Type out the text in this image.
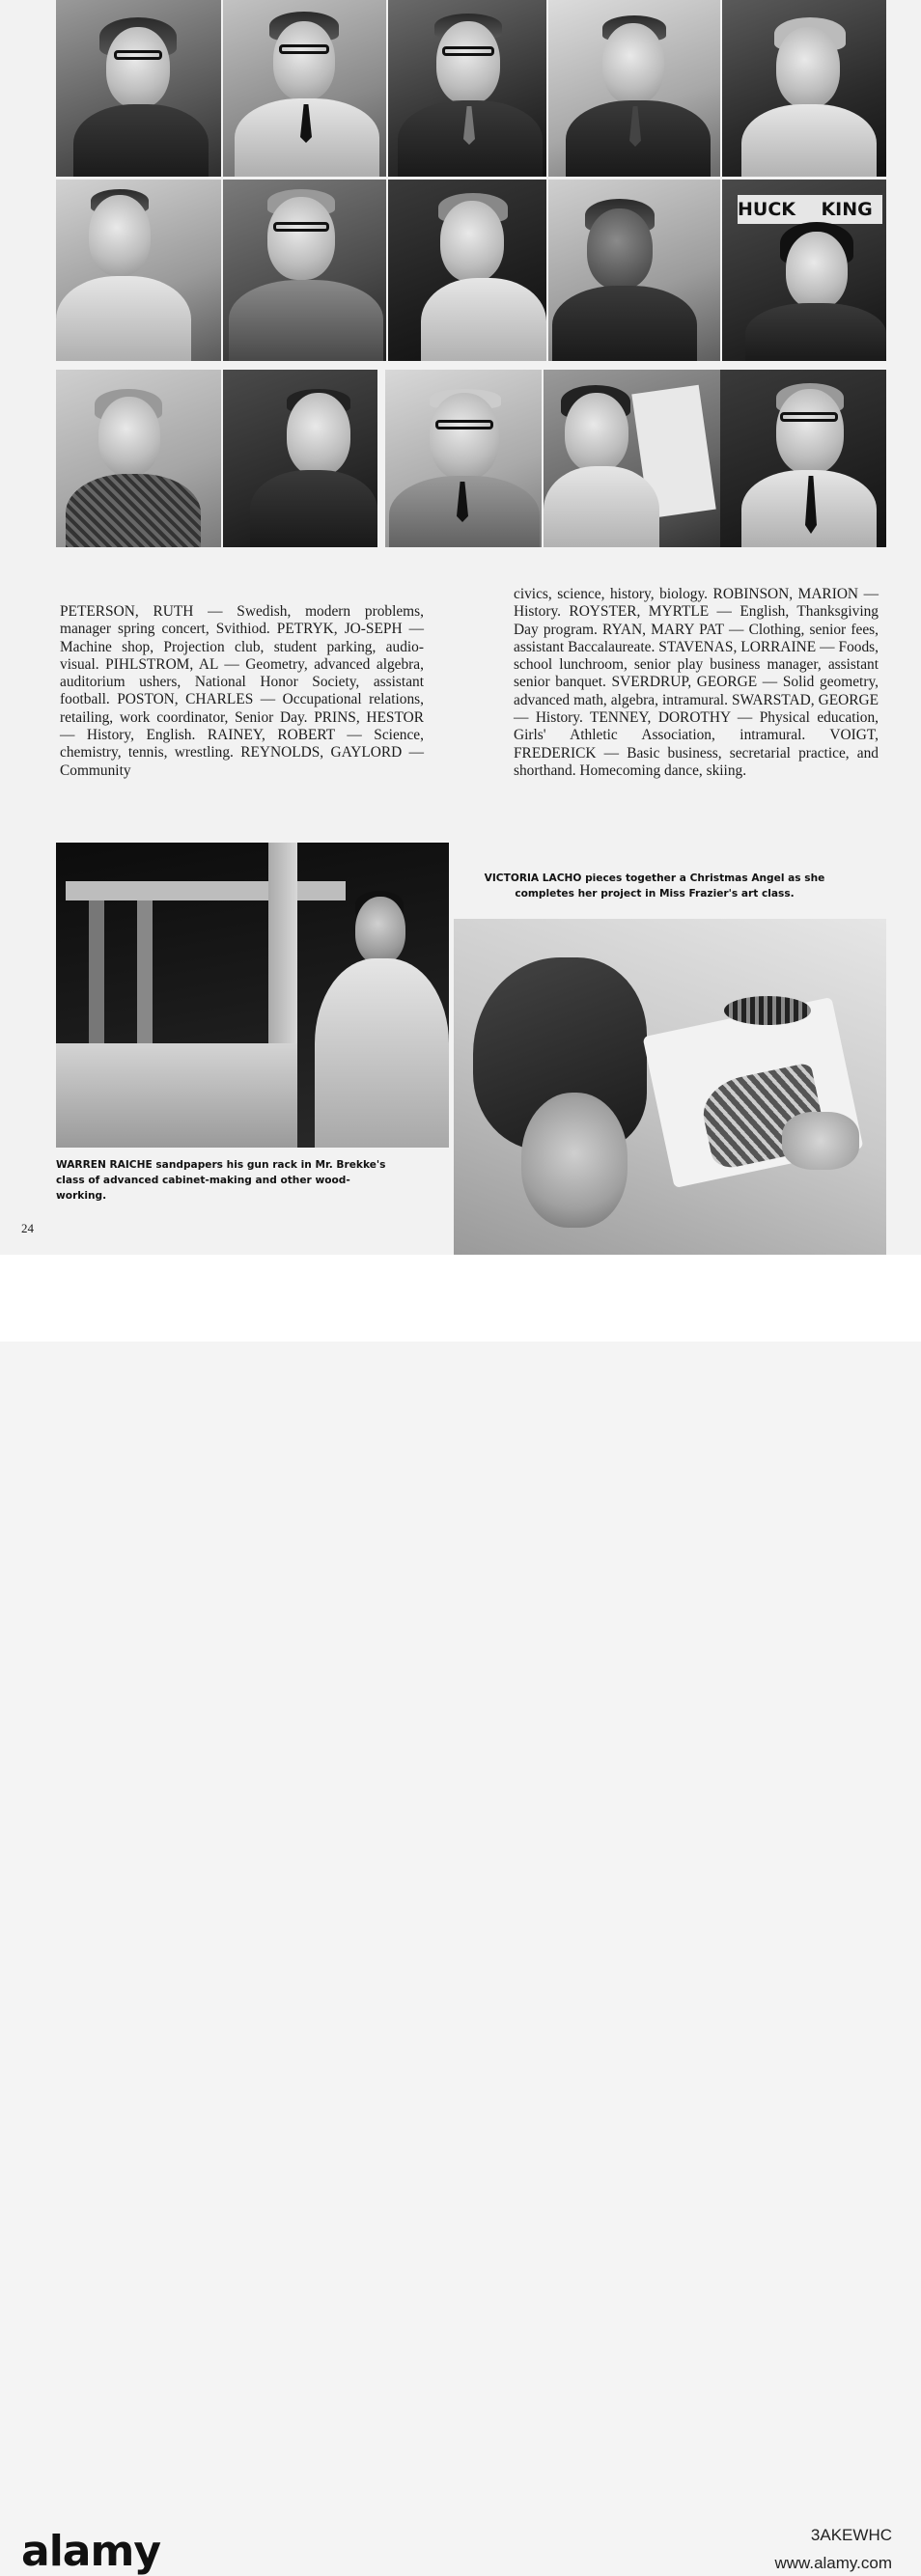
HUCK    KING

PETERSON, RUTH — Swedish, modern problems, manager spring concert, Svithiod. PETRYK, JO-SEPH — Machine shop, Projection club, student parking, audio-visual. PIHLSTROM, AL — Geometry, advanced algebra, auditorium ushers, National Honor Society, assistant football. POSTON, CHARLES — Occupational relations, retailing, work coordinator, Senior Day. PRINS, HESTOR — History, English. RAINEY, ROBERT — Science, chemistry, tennis, wrestling. REYNOLDS, GAYLORD — Community

civics, science, history, biology. ROBINSON, MARION — History. ROYSTER, MYRTLE — English, Thanksgiving Day program. RYAN, MARY PAT — Clothing, senior fees, assistant Baccalaureate. STAVENAS, LORRAINE — Foods, school lunchroom, senior play business manager, assistant senior banquet. SVERDRUP, GEORGE — Solid geometry, advanced math, algebra, intramural. SWARSTAD, GEORGE — History. TENNEY, DOROTHY — Physical education, Girls' Athletic Association, intramural. VOIGT, FREDERICK — Basic business, secretarial practice, and shorthand. Homecoming dance, skiing.

WARREN RAICHE sandpapers his gun rack in Mr. Brekke's class of advanced cabinet-making and other wood-working.
VICTORIA LACHO pieces together a Christmas Angel as she completes her project in Miss Frazier's art class.
24
alamy	3AKEWHC
www.alamy.com
